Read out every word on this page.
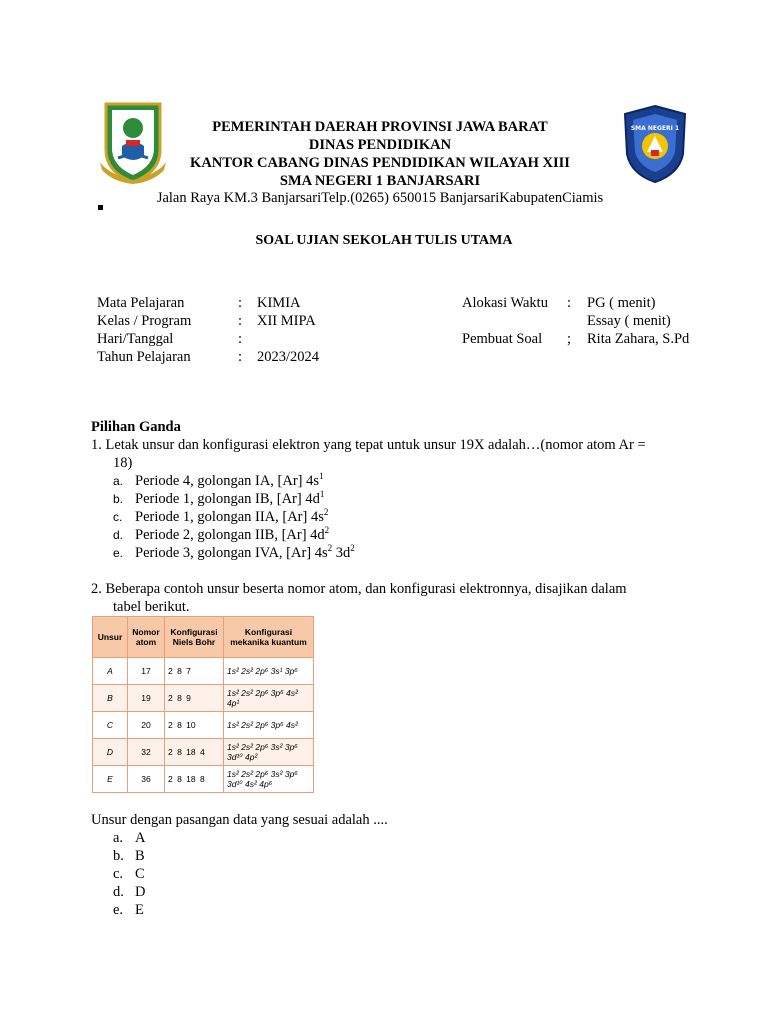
SMA NEGERI 1
PEMERINTAH DAERAH PROVINSI JAWA BARAT
DINAS PENDIDIKAN
KANTOR CABANG DINAS PENDIDIKAN WILAYAH XIII
SMA NEGERI 1 BANJARSARI
Jalan Raya KM.3 BanjarsariTelp.(0265) 650015 BanjarsariKabupatenCiamis
SOAL UJIAN SEKOLAH TULIS UTAMA
Mata Pelajaran	: KIMIA
Kelas / Program	: XII MIPA
Hari/Tanggal	:
Tahun Pelajaran	: 2023/2024
Alokasi Waktu : PG ( menit)
Essay ( menit)
Pembuat Soal ; Rita Zahara, S.Pd
Pilihan Ganda
1. Letak unsur dan konfigurasi elektron yang tepat untuk unsur 19X adalah…(nomor atom Ar =
18)
a. Periode 4, golongan IA, [Ar] $4s^1$
b. Periode 1, golongan IB, [Ar] $4d^1$
c. Periode 1, golongan IIA, [Ar] $4s^2$
d. Periode 2, golongan IIB, [Ar] $4d^2$
e. Periode 3, golongan IVA, [Ar] $4s^2$ $3d^2$
2. Beberapa contoh unsur beserta nomor atom, dan konfigurasi elektronnya, disajikan dalam
tabel berikut.
Unsur	Nomor atom	Konfigurasi Niels Bohr	Konfigurasi mekanika kuantum
A	17	2 8 7	1s² 2s² 2p⁶ 3s¹ 3p⁶
B	19	2 8 9	1s² 2s² 2p⁶ 3p⁶ 4s² 4p¹
C	20	2 8 10	1s² 2s² 2p⁶ 3p⁶ 4s²
D	32	2 8 18 4	1s² 2s² 2p⁶ 3s² 3p⁶ 3d¹⁰ 4p²
E	36	2 8 18 8	1s² 2s² 2p⁶ 3s² 3p⁶ 3d¹⁰ 4s² 4p⁶
Unsur dengan pasangan data yang sesuai adalah ....
a. A
b. B
c. C
d. D
e. E
